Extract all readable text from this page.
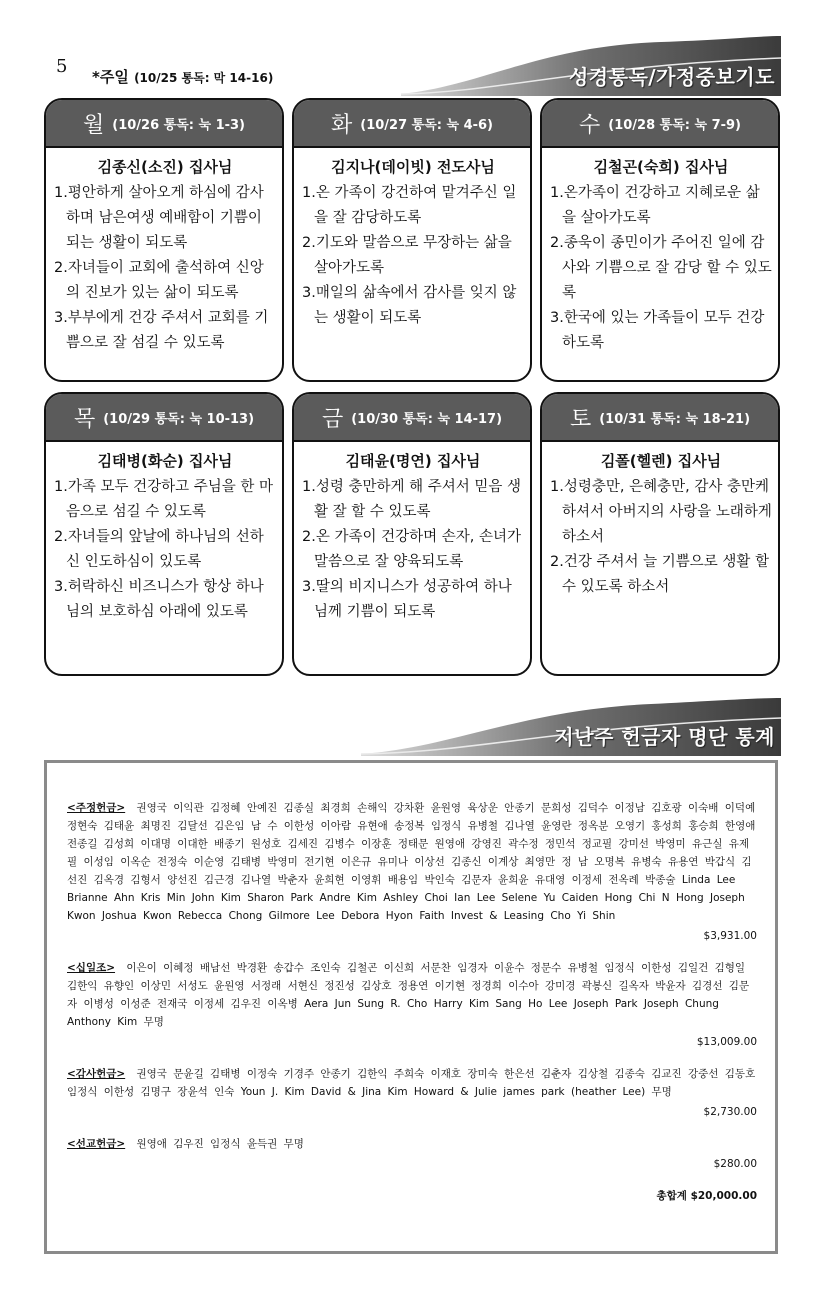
5 *주일 (10/25 통독: 막 14-16)	성경통독/가정중보기도
월 (10/26 통독: 눅 1-3)
김종신(소진) 집사님
1.평안하게 살아오게 하심에 감사하며 남은여생 예배함이 기쁨이 되는 생활이 되도록
2.자녀들이 교회에 출석하여 신앙의 진보가 있는 삶이 되도록
3.부부에게 건강 주셔서 교회를 기쁨으로 잘 섬길 수 있도록
화 (10/27 통독: 눅 4-6)
김지나(데이빗) 전도사님
1.온 가족이 강건하여 맡겨주신 일을 잘 감당하도록
2.기도와 말씀으로 무장하는 삶을 살아가도록
3.매일의 삶속에서 감사를 잊지 않는 생활이 되도록
수 (10/28 통독: 눅 7-9)
김철곤(숙희) 집사님
1.온가족이 건강하고 지혜로운 삶을 살아가도록
2.종욱이 종민이가 주어진 일에 감사와 기쁨으로 잘 감당 할 수 있도록
3.한국에 있는 가족들이 모두 건강 하도록
목 (10/29 통독: 눅 10-13)
김태병(화순) 집사님
1.가족 모두 건강하고 주님을 한 마음으로 섬길 수 있도록
2.자녀들의 앞날에 하나님의 선하신 인도하심이 있도록
3.허락하신 비즈니스가 항상 하나님의 보호하심 아래에 있도록
금 (10/30 통독: 눅 14-17)
김태윤(명연) 집사님
1.성령 충만하게 해 주셔서 믿음 생활 잘 할 수 있도록
2.온 가족이 건강하며 손자, 손녀가 말씀으로 잘 양육되도록
3.딸의 비지니스가 성공하여 하나님께 기쁨이 되도록
토 (10/31 통독: 눅 18-21)
김폴(헬렌) 집사님
1.성령충만, 은혜충만, 감사 충만케 하셔서 아버지의 사랑을 노래하게 하소서
2.건강 주셔서 늘 기쁨으로 생활 할 수 있도록 하소서
지난주 헌금자 명단 통계
<주정헌금> 권영국 이익관 김정혜 안예진 김종실 최경희 손해익 강차환 윤원영 육상운 안종기 문희성 김덕수 이정남 김호광 이숙배 이덕예 정현숙 김태윤 최명진 김달선 김은임 남 수 이한성 이아람 유현애 송정복 임정식 유병철 김나열 윤영란 정옥분 오영기 홍성희 홍승희 한영애 전종길 김성희 이대명 이대한 배종기 원성호 김세진 김병수 이장훈 정태문 원영애 강영진 곽수정 정민석 정교필 강미선 박영미 유근실 유제필 이성임 이옥순 전정숙 이순영 김태병 박영미 전기현 이은규 유미나 이상선 김종신 이계상 최영만 정 남 오명복 유병숙 유용연 박갑식 김선진 김옥경 김형서 양선진 김근경 김나열 박춘자 윤희현 이영휘 배용임 박인숙 김문자 윤희윤 유대영 이정세 전옥례 박종술 Linda Lee Brianne Ahn Kris Min John Kim Sharon Park Andre Kim Ashley Choi Ian Lee Selene Yu Caiden Hong Chi N Hong Joseph Kwon Joshua Kwon Rebecca Chong Gilmore Lee Debora Hyon Faith Invest & Leasing Cho Yi Shin
$3,931.00
<십일조> 이은이 이혜정 배남선 박경환 송갑수 조인숙 김철곤 이신희 서문찬 임경자 이윤수 정문수 유병철 임정식 이한성 김일건 김형일 김한익 유향인 이상민 서성도 윤원영 서정래 서현신 정진성 김상호 정용연 이기현 정경희 이수아 강미경 곽봉신 길옥자 박윤자 김경선 김문자 이병성 이성준 전재국 이정세 김우진 이옥병 Aera Jun Sung R. Cho Harry Kim Sang Ho Lee Joseph Park Joseph Chung Anthony Kim 무명
$13,009.00
<감사헌금> 권영국 문윤길 김태병 이정숙 기경주 안종기 김한익 주희숙 이재호 장미숙 한은선 김춘자 김상철 김종숙 김교진 강중선 김동호 임정식 이한성 김명구 장윤석 인숙 Youn J. Kim David & Jina Kim Howard & Julie james park (heather Lee) 무명
$2,730.00
<선교헌금> 원영애 김우진 임정식 윤득권 무명
$280.00
총합계 $20,000.00
